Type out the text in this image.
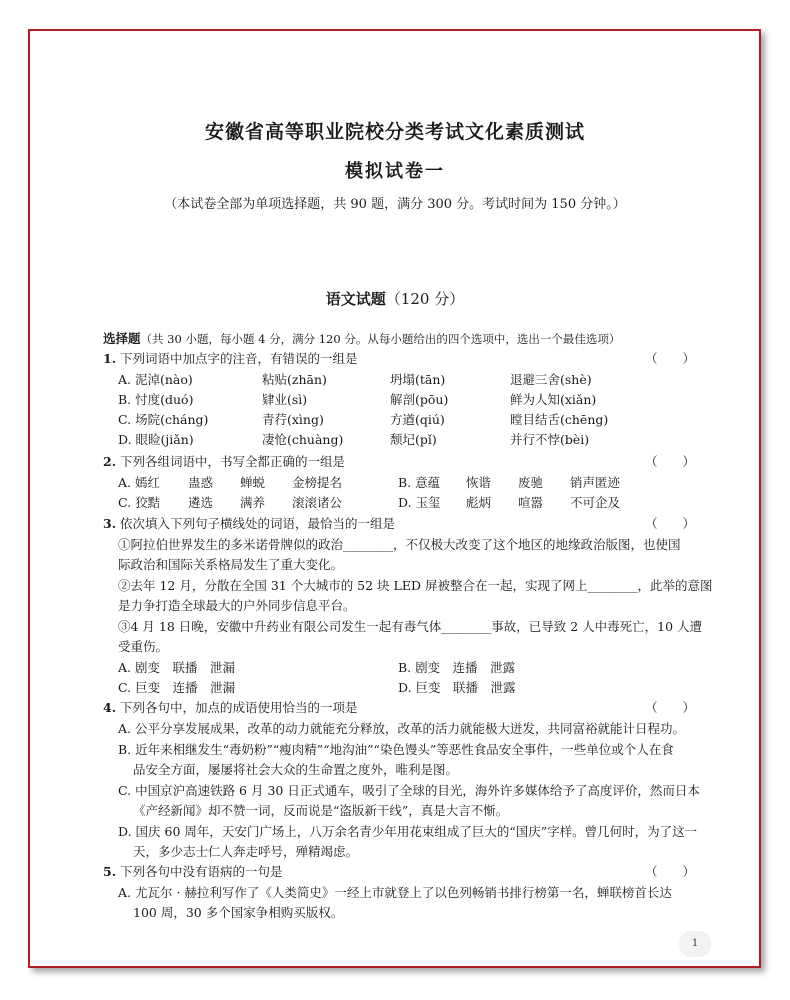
安徽省高等职业院校分类考试文化素质测试
模拟试卷一
（本试卷全部为单项选择题，共 90 题，满分 300 分。考试时间为 150 分钟。）
语文试题（120 分）
选择题（共 30 小题，每小题 4 分，满分 120 分。从每小题给出的四个选项中，选出一个最佳选项）
1. 下列词语中加点字的注音，有错误的一组是	（　　）
A. 泥淖(nào)	粘贴(zhān)	坍塌(tān)	退避三舍(shè)
B. 忖度(duó)	肄业(sì)	解剖(pōu)	鲜为人知(xiǎn)
C. 场院(cháng)	青荇(xìng)	方遒(qiú)	瞠目结舌(chēng)
D. 眼睑(jiǎn)	凄怆(chuàng)	颓圮(pǐ)	并行不悖(bèi)
2. 下列各组词语中，书写全都正确的一组是	（　　）
A. 嫣红 蛊惑 蝉蜕 金榜提名	B. 意蕴 恢谐 废驰 销声匿迹
C. 狡黠 遴选 满养 滚滚诸公	D. 玉玺 彪炳 喧嚣 不可企及
3. 依次填入下列句子横线处的词语，最恰当的一组是	（　　）
①阿拉伯世界发生的多米诺骨牌似的政治________，不仅极大改变了这个地区的地缘政治版图，也使国
际政治和国际关系格局发生了重大变化。
②去年 12 月，分散在全国 31 个大城市的 52 块 LED 屏被整合在一起，实现了网上________，此举的意图
是力争打造全球最大的户外同步信息平台。
③4 月 18 日晚，安徽中升药业有限公司发生一起有毒气体________事故，已导致 2 人中毒死亡，10 人遭
受重伤。
A. 剧变　联播　泄漏	B. 剧变　连播　泄露
C. 巨变　连播　泄漏	D. 巨变　联播　泄露
4. 下列各句中，加点的成语使用恰当的一项是	（　　）
A. 公平分享发展成果，改革的动力就能充分释放，改革的活力就能极大迸发，共同富裕就能计日程功。
B. 近年来相继发生“毒奶粉”“瘦肉精”“地沟油”“染色馒头”等恶性食品安全事件，一些单位或个人在食
品安全方面，屡屡将社会大众的生命置之度外，唯利是图。
C. 中国京沪高速铁路 6 月 30 日正式通车，吸引了全球的目光，海外许多媒体给予了高度评价，然而日本
《产经新闻》却不赞一词，反而说是“盗版新干线”，真是大言不惭。
D. 国庆 60 周年，天安门广场上，八万余名青少年用花束组成了巨大的“国庆”字样。曾几何时，为了这一
天，多少志士仁人奔走呼号，殚精竭虑。
5. 下列各句中没有语病的一句是	（　　）
A. 尤瓦尔 · 赫拉利写作了《人类简史》一经上市就登上了以色列畅销书排行榜第一名，蝉联榜首长达
100 周，30 多个国家争相购买版权。
1
